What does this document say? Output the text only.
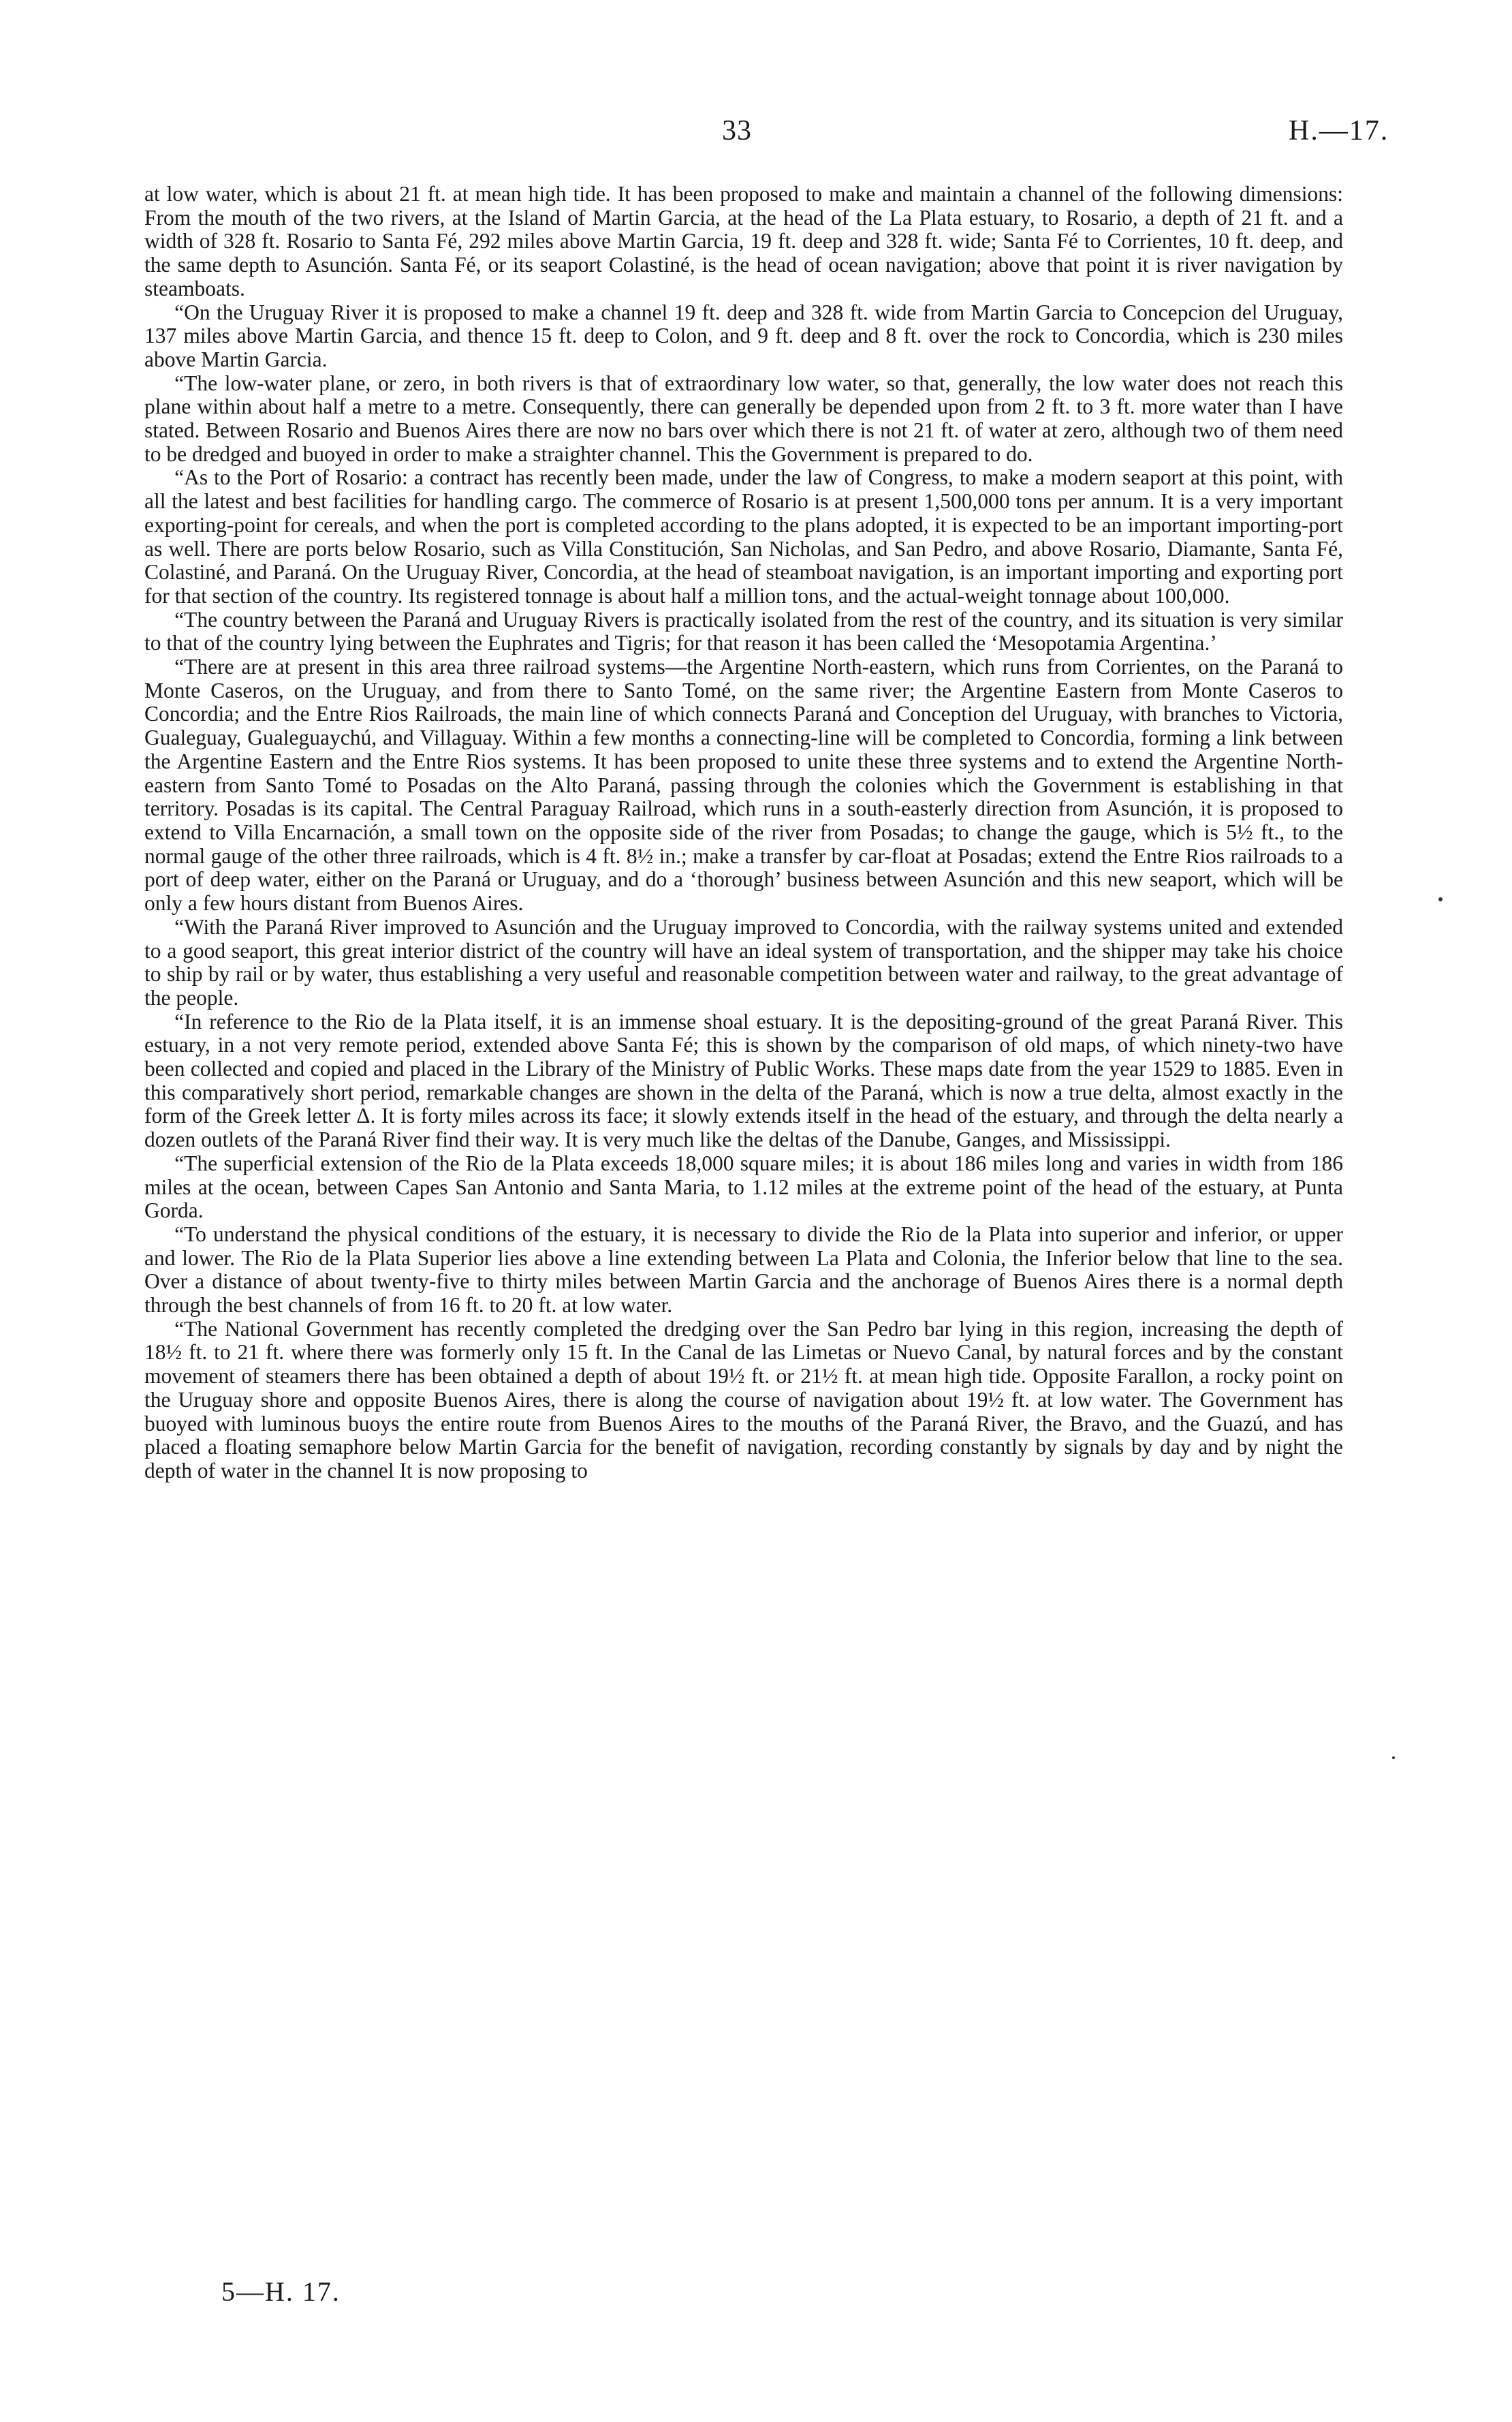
33	H.—17.

at low water, which is about 21 ft. at mean high tide. It has been proposed to make and maintain a channel of the following dimensions: From the mouth of the two rivers, at the Island of Martin Garcia, at the head of the La Plata estuary, to Rosario, a depth of 21 ft. and a width of 328 ft. Rosario to Santa Fé, 292 miles above Martin Garcia, 19 ft. deep and 328 ft. wide; Santa Fé to Corrientes, 10 ft. deep, and the same depth to Asunción. Santa Fé, or its seaport Colastiné, is the head of ocean navigation; above that point it is river navigation by steamboats.

“On the Uruguay River it is proposed to make a channel 19 ft. deep and 328 ft. wide from Martin Garcia to Concepcion del Uruguay, 137 miles above Martin Garcia, and thence 15 ft. deep to Colon, and 9 ft. deep and 8 ft. over the rock to Concordia, which is 230 miles above Martin Garcia.

“The low-water plane, or zero, in both rivers is that of extraordinary low water, so that, generally, the low water does not reach this plane within about half a metre to a metre. Consequently, there can generally be depended upon from 2 ft. to 3 ft. more water than I have stated. Between Rosario and Buenos Aires there are now no bars over which there is not 21 ft. of water at zero, although two of them need to be dredged and buoyed in order to make a straighter channel. This the Government is prepared to do.

“As to the Port of Rosario: a contract has recently been made, under the law of Congress, to make a modern seaport at this point, with all the latest and best facilities for handling cargo. The commerce of Rosario is at present 1,500,000 tons per annum. It is a very important exporting-point for cereals, and when the port is completed according to the plans adopted, it is expected to be an important importing-port as well. There are ports below Rosario, such as Villa Constitución, San Nicholas, and San Pedro, and above Rosario, Diamante, Santa Fé, Colastiné, and Paraná. On the Uruguay River, Concordia, at the head of steamboat navigation, is an important importing and exporting port for that section of the country. Its registered tonnage is about half a million tons, and the actual-weight tonnage about 100,000.

“The country between the Paraná and Uruguay Rivers is practically isolated from the rest of the country, and its situation is very similar to that of the country lying between the Euphrates and Tigris; for that reason it has been called the ‘Mesopotamia Argentina.’

“There are at present in this area three railroad systems—the Argentine North-eastern, which runs from Corrientes, on the Paraná to Monte Caseros, on the Uruguay, and from there to Santo Tomé, on the same river; the Argentine Eastern from Monte Caseros to Concordia; and the Entre Rios Railroads, the main line of which connects Paraná and Conception del Uruguay, with branches to Victoria, Gualeguay, Gualeguaychú, and Villaguay. Within a few months a connecting-line will be completed to Concordia, forming a link between the Argentine Eastern and the Entre Rios systems. It has been proposed to unite these three systems and to extend the Argentine North-eastern from Santo Tomé to Posadas on the Alto Paraná, passing through the colonies which the Government is establishing in that territory. Posadas is its capital. The Central Paraguay Railroad, which runs in a south-easterly direction from Asunción, it is proposed to extend to Villa Encarnación, a small town on the opposite side of the river from Posadas; to change the gauge, which is 5½ ft., to the normal gauge of the other three railroads, which is 4 ft. 8½ in.; make a transfer by car-float at Posadas; extend the Entre Rios railroads to a port of deep water, either on the Paraná or Uruguay, and do a ‘thorough’ business between Asunción and this new seaport, which will be only a few hours distant from Buenos Aires.

“With the Paraná River improved to Asunción and the Uruguay improved to Concordia, with the railway systems united and extended to a good seaport, this great interior district of the country will have an ideal system of transportation, and the shipper may take his choice to ship by rail or by water, thus establishing a very useful and reasonable competition between water and railway, to the great advantage of the people.

“In reference to the Rio de la Plata itself, it is an immense shoal estuary. It is the depositing-ground of the great Paraná River. This estuary, in a not very remote period, extended above Santa Fé; this is shown by the comparison of old maps, of which ninety-two have been collected and copied and placed in the Library of the Ministry of Public Works. These maps date from the year 1529 to 1885. Even in this comparatively short period, remarkable changes are shown in the delta of the Paraná, which is now a true delta, almost exactly in the form of the Greek letter Δ. It is forty miles across its face; it slowly extends itself in the head of the estuary, and through the delta nearly a dozen outlets of the Paraná River find their way. It is very much like the deltas of the Danube, Ganges, and Mississippi.

“The superficial extension of the Rio de la Plata exceeds 18,000 square miles; it is about 186 miles long and varies in width from 186 miles at the ocean, between Capes San Antonio and Santa Maria, to 1.12 miles at the extreme point of the head of the estuary, at Punta Gorda.

“To understand the physical conditions of the estuary, it is necessary to divide the Rio de la Plata into superior and inferior, or upper and lower. The Rio de la Plata Superior lies above a line extending between La Plata and Colonia, the Inferior below that line to the sea. Over a distance of about twenty-five to thirty miles between Martin Garcia and the anchorage of Buenos Aires there is a normal depth through the best channels of from 16 ft. to 20 ft. at low water.

“The National Government has recently completed the dredging over the San Pedro bar lying in this region, increasing the depth of 18½ ft. to 21 ft. where there was formerly only 15 ft. In the Canal de las Limetas or Nuevo Canal, by natural forces and by the constant movement of steamers there has been obtained a depth of about 19½ ft. or 21½ ft. at mean high tide. Opposite Farallon, a rocky point on the Uruguay shore and opposite Buenos Aires, there is along the course of navigation about 19½ ft. at low water. The Government has buoyed with luminous buoys the entire route from Buenos Aires to the mouths of the Paraná River, the Bravo, and the Guazú, and has placed a floating semaphore below Martin Garcia for the benefit of navigation, recording constantly by signals by day and by night the depth of water in the channel It is now proposing to

5—H. 17.
